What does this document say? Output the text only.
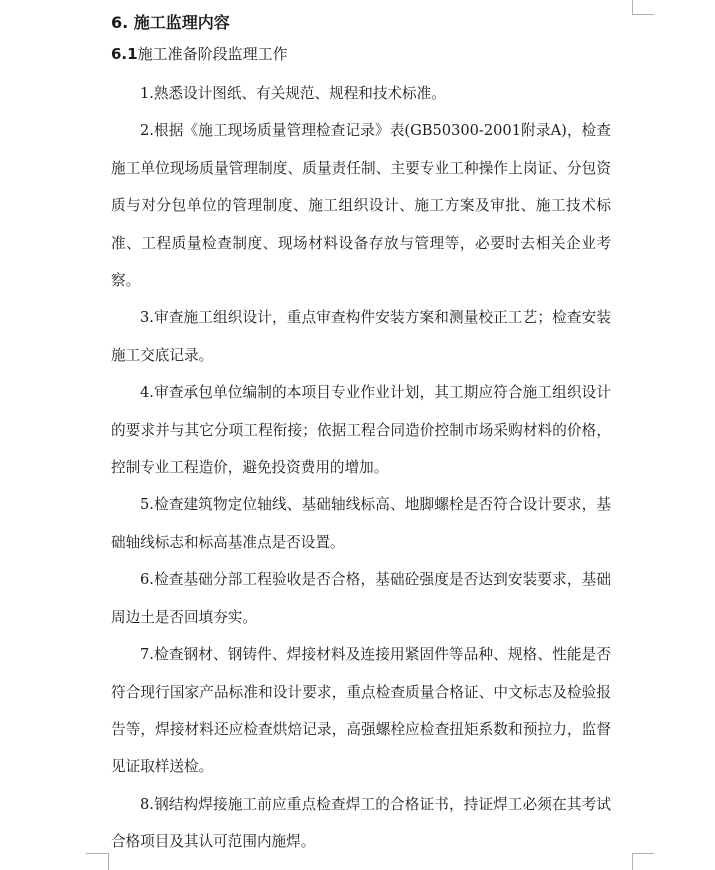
6. 施工监理内容
6.1施工准备阶段监理工作

1.熟悉设计图纸、有关规范、规程和技术标准。

2.根据《施工现场质量管理检查记录》表(GB50300-2001附录A)，检查施工单位现场质量管理制度、质量责任制、主要专业工种操作上岗证、分包资质与对分包单位的管理制度、施工组织设计、施工方案及审批、施工技术标准、工程质量检查制度、现场材料设备存放与管理等，必要时去相关企业考察。

3.审查施工组织设计，重点审查构件安装方案和测量校正工艺；检查安装施工交底记录。

4.审查承包单位编制的本项目专业作业计划，其工期应符合施工组织设计的要求并与其它分项工程衔接；依据工程合同造价控制市场采购材料的价格，控制专业工程造价，避免投资费用的增加。

5.检查建筑物定位轴线、基础轴线标高、地脚螺栓是否符合设计要求，基础轴线标志和标高基准点是否设置。

6.检查基础分部工程验收是否合格，基础砼强度是否达到安装要求，基础周边土是否回填夯实。

7.检查钢材、钢铸件、焊接材料及连接用紧固件等品种、规格、性能是否符合现行国家产品标准和设计要求，重点检查质量合格证、中文标志及检验报告等，焊接材料还应检查烘焙记录，高强螺栓应检查扭矩系数和预拉力，监督见证取样送检。

8.钢结构焊接施工前应重点检查焊工的合格证书，持证焊工必须在其考试合格项目及其认可范围内施焊。
